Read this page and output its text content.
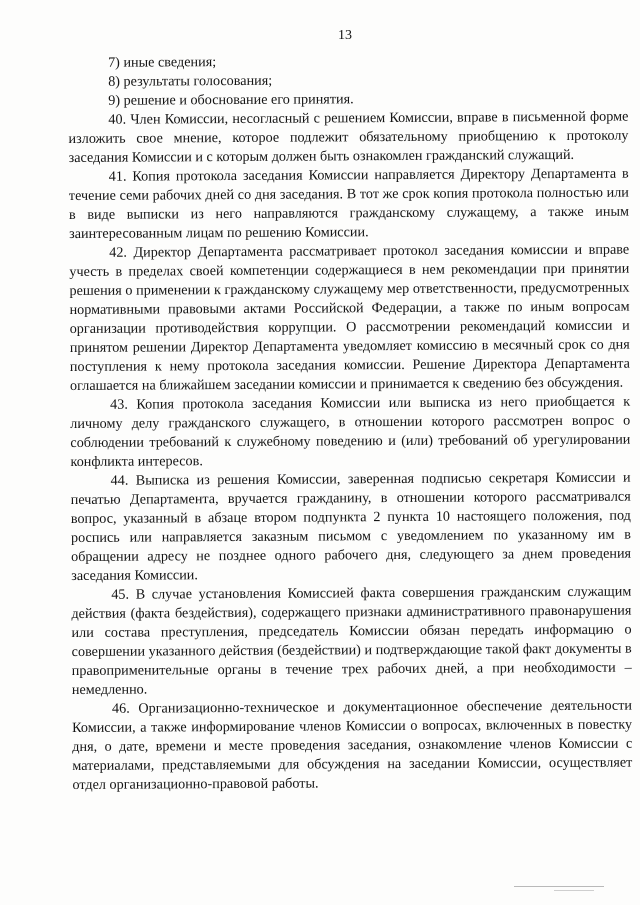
13

7) иные сведения;

8) результаты голосования;

9) решение и обоснование его принятия.

40. Член Комиссии, несогласный с решением Комиссии, вправе в письменной форме изложить свое мнение, которое подлежит обязательному приобщению к протоколу заседания Комиссии и с которым должен быть ознакомлен гражданский служащий.

41. Копия протокола заседания Комиссии направляется Директору Департамента в течение семи рабочих дней со дня заседания. В тот же срок копия протокола полностью или в виде выписки из него направляются гражданскому служащему, а также иным заинтересованным лицам по решению Комиссии.

42. Директор Департамента рассматривает протокол заседания комиссии и вправе учесть в пределах своей компетенции содержащиеся в нем рекомендации при принятии решения о применении к гражданскому служащему мер ответственности, предусмотренных нормативными правовыми актами Российской Федерации, а также по иным вопросам организации противодействия коррупции. О рассмотрении рекомендаций комиссии и принятом решении Директор Департамента уведомляет комиссию в месячный срок со дня поступления к нему протокола заседания комиссии. Решение Директора Департамента оглашается на ближайшем заседании комиссии и принимается к сведению без обсуждения.

43. Копия протокола заседания Комиссии или выписка из него приобщается к личному делу гражданского служащего, в отношении которого рассмотрен вопрос о соблюдении требований к служебному поведению и (или) требований об урегулировании конфликта интересов.

44. Выписка из решения Комиссии, заверенная подписью секретаря Комиссии и печатью Департамента, вручается гражданину, в отношении которого рассматривался вопрос, указанный в абзаце втором подпункта 2 пункта 10 настоящего положения, под роспись или направляется заказным письмом с уведомлением по указанному им в обращении адресу не позднее одного рабочего дня, следующего за днем проведения заседания Комиссии.

45. В случае установления Комиссией факта совершения гражданским служащим действия (факта бездействия), содержащего признаки административного правонарушения или состава преступления, председатель Комиссии обязан передать информацию о совершении указанного действия (бездействии) и подтверждающие такой факт документы в правоприменительные органы в течение трех рабочих дней, а при необходимости – немедленно.

46. Организационно-техническое и документационное обеспечение деятельности Комиссии, а также информирование членов Комиссии о вопросах, включенных в повестку дня, о дате, времени и месте проведения заседания, ознакомление членов Комиссии с материалами, представляемыми для обсуждения на заседании Комиссии, осуществляет отдел организационно-правовой работы.
